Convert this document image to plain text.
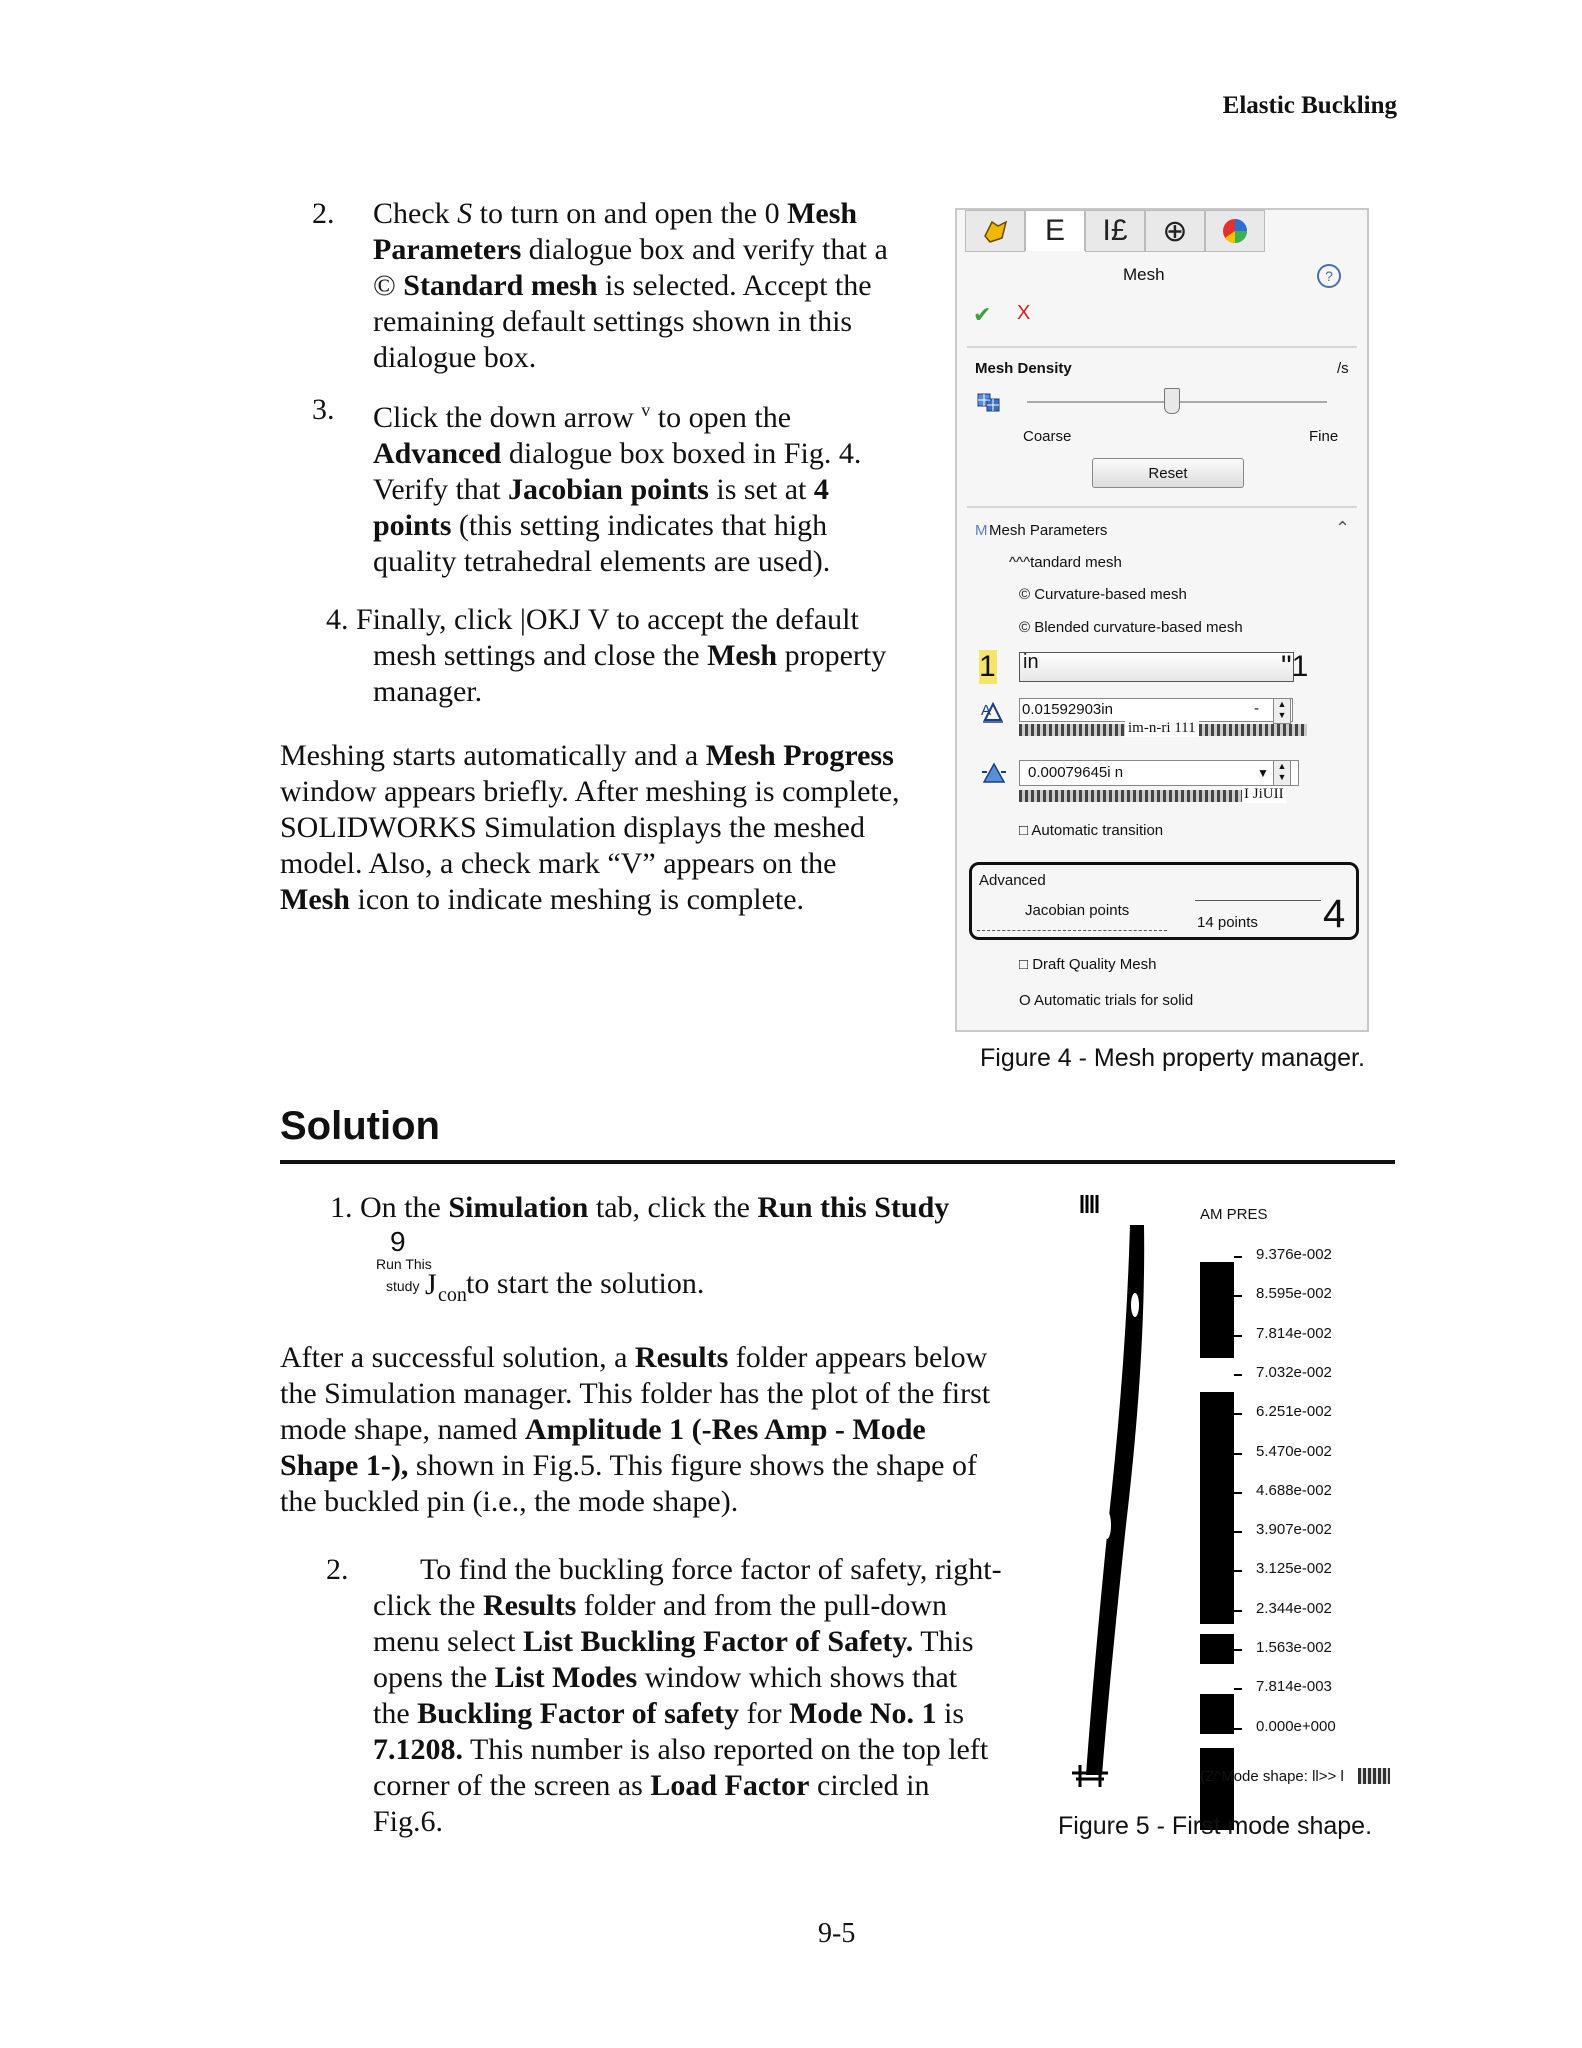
Elastic Buckling
2. Check S to turn on and open the 0 Mesh
Parameters dialogue box and verify that a
© Standard mesh is selected. Accept the
remaining default settings shown in this
dialogue box.
3. Click the down arrow $^v$ to open the
Advanced dialogue box boxed in Fig. 4.
Verify that Jacobian points is set at 4
points (this setting indicates that high
quality tetrahedral elements are used).
4. Finally, click |OKJ V to accept the default
mesh settings and close the Mesh property
manager.
Meshing starts automatically and a Mesh Progress
window appears briefly. After meshing is complete,
SOLIDWORKS Simulation displays the meshed
model. Also, a check mark “V” appears on the
Mesh icon to indicate meshing is complete.
E I£ ⊕
Mesh	?
✔ X
Mesh Density	/s
Coarse	Fine
Reset
M Mesh Parameters	⌃
^^^tandard mesh
© Curvature-based mesh
© Blended curvature-based mesh
1 in	"1
A 0.01592903in	-	▲
▼
im-n-ri 111
0.00079645i n	▼ ▲
▼
I JiUII
□ Automatic transition
Advanced
Jacobian points
14 points 4
□ Draft Quality Mesh
O Automatic trials for solid
Figure 4 - Mesh property manager.
Solution
1. On the Simulation tab, click the Run this Study
9
Run This
study J con to start the solution.
After a successful solution, a Results folder appears below
the Simulation manager. This folder has the plot of the first
mode shape, named Amplitude 1 (-Res Amp - Mode
Shape 1-), shown in Fig.5. This figure shows the shape of
the buckled pin (i.e., the mode shape).
2.	To find the buckling force factor of safety, right-
click the Results folder and from the pull-down
menu select List Buckling Factor of Safety. This
opens the List Modes window which shows that
the Buckling Factor of safety for Mode No. 1 is
7.1208. This number is also reported on the top left
corner of the screen as Load Factor circled in
Fig.6.
AM PRES
9.376e-002
8.595e-002
7.814e-002
7.032e-002
6.251e-002
5.470e-002
4.688e-002
3.907e-002
3.125e-002
2.344e-002
1.563e-002
7.814e-003
0.000e+000
(Z^Mode shape: ll>> l
Figure 5 - First mode shape.
9-5
